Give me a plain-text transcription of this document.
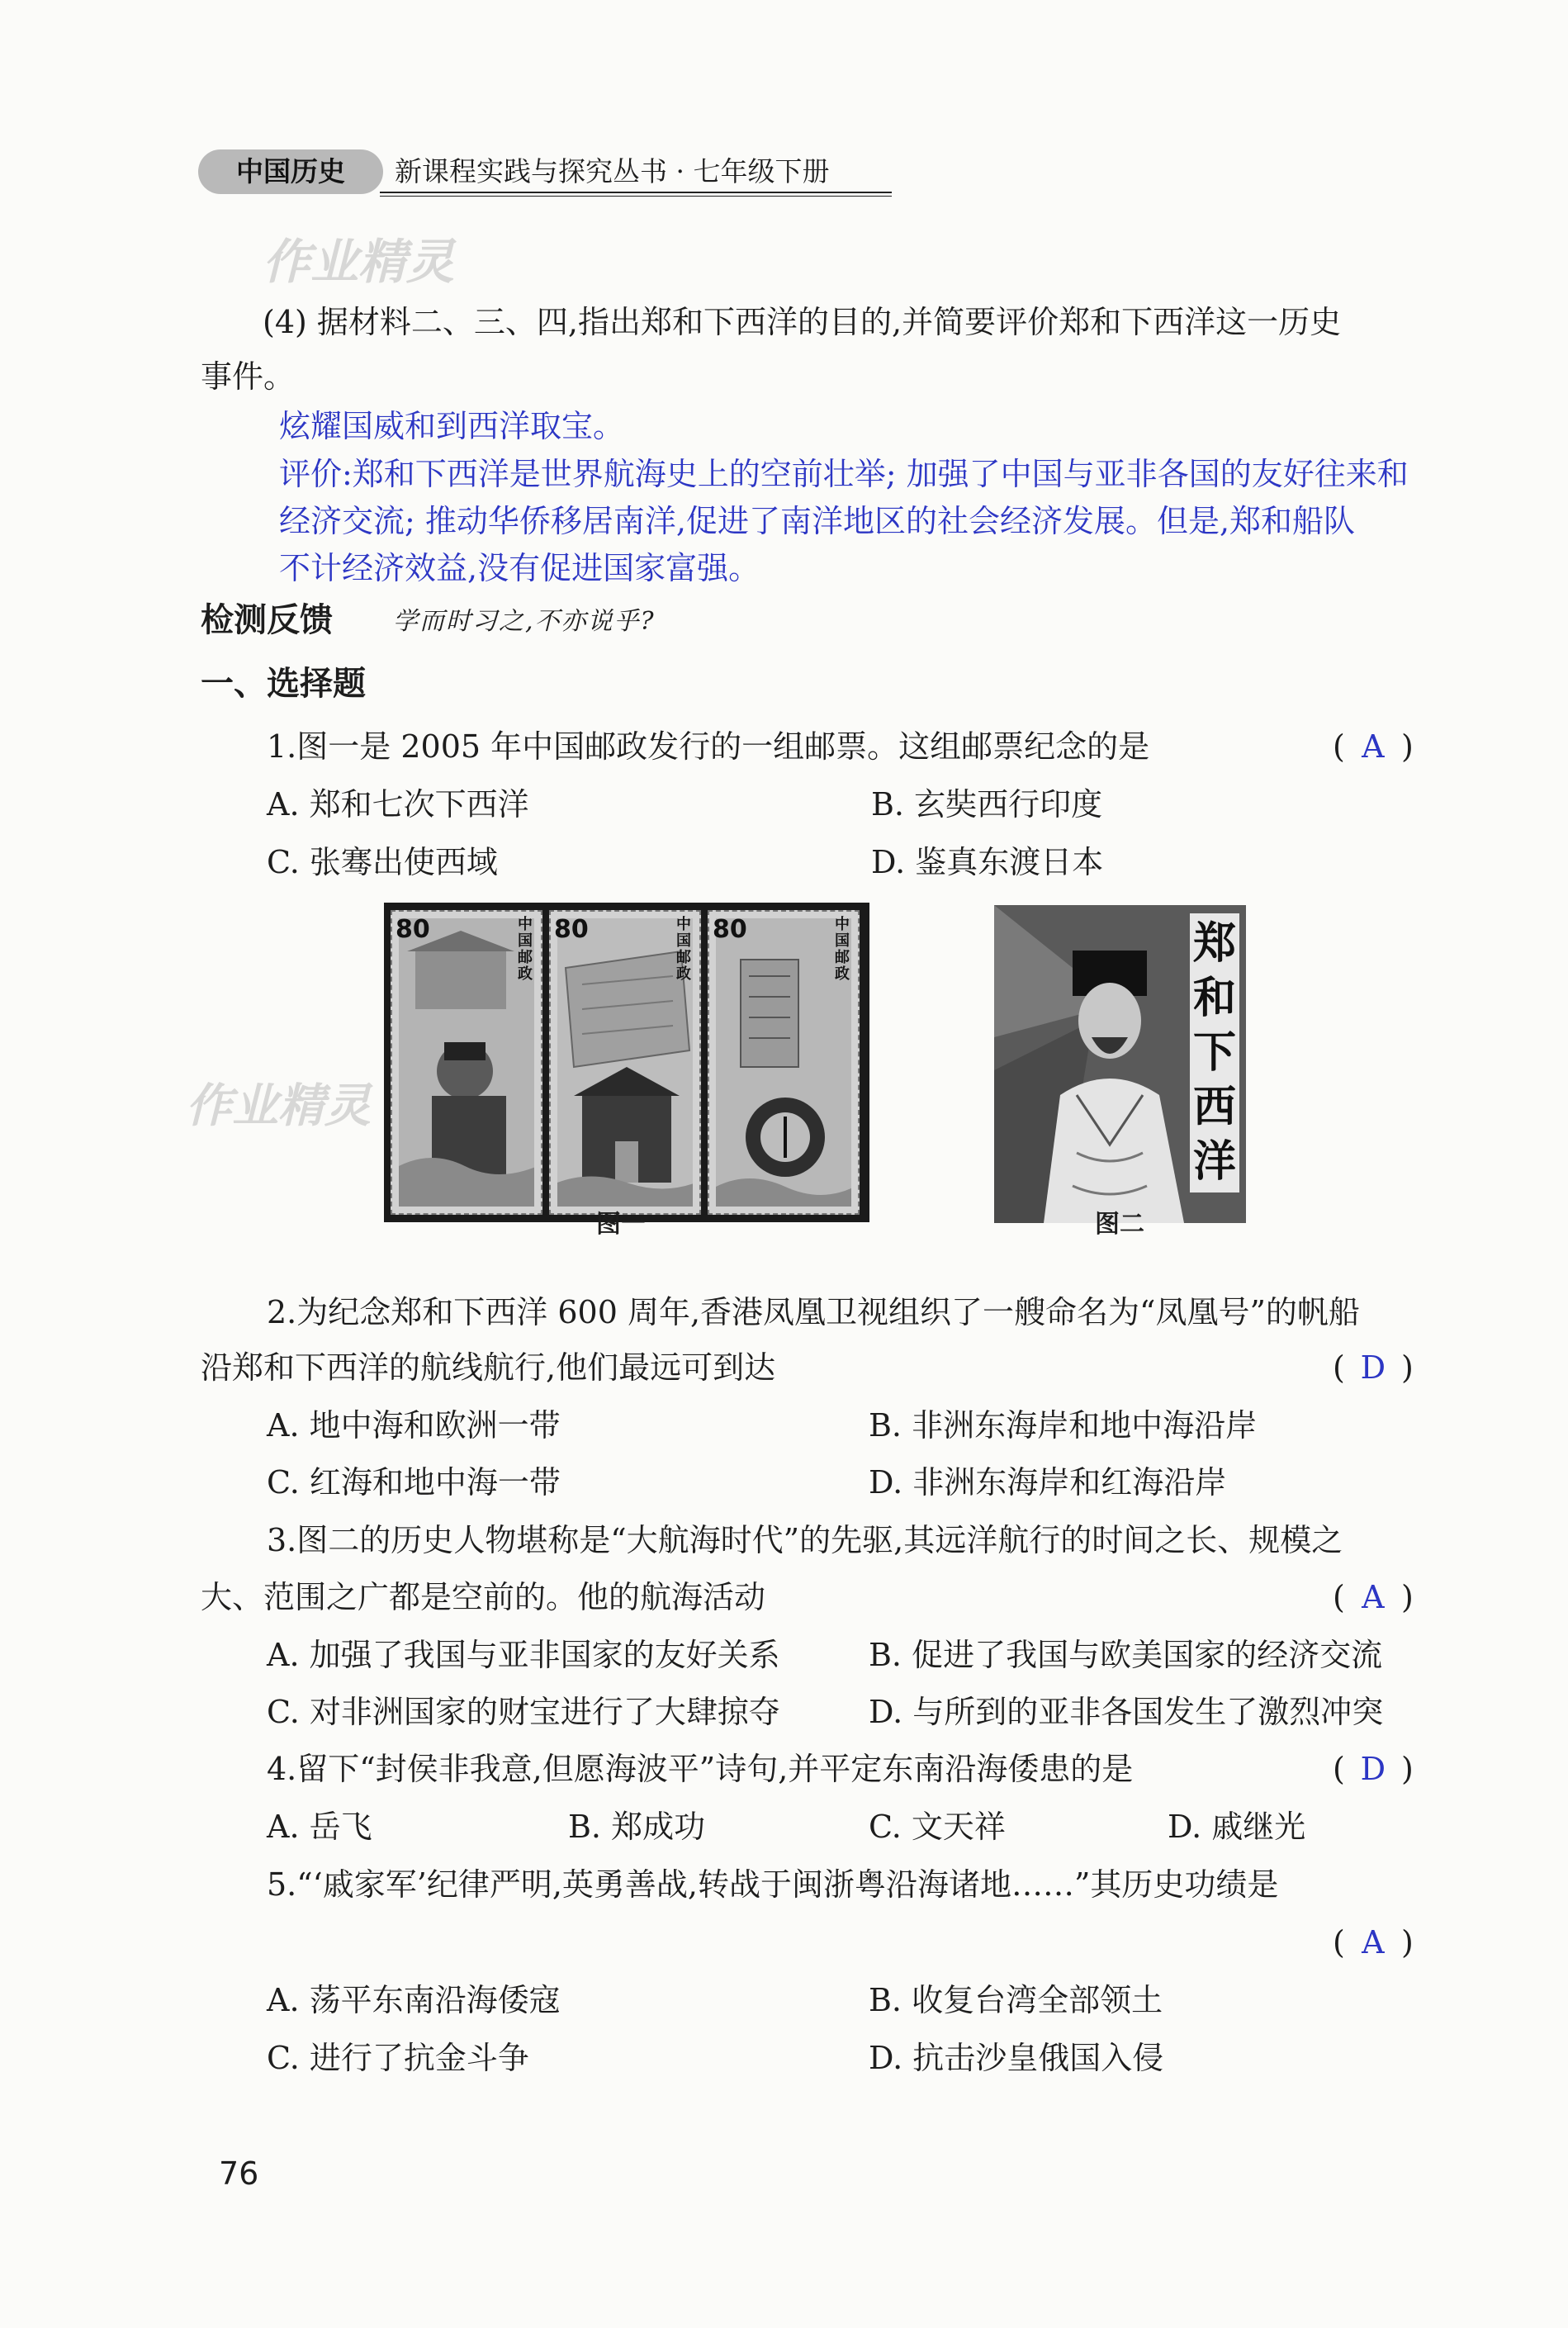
中国历史	新课程实践与探究丛书 · 七年级下册
作业精灵
(4) 据材料二、三、四,指出郑和下西洋的目的,并简要评价郑和下西洋这一历史
事件。
炫耀国威和到西洋取宝。
评价:郑和下西洋是世界航海史上的空前壮举; 加强了中国与亚非各国的友好往来和
经济交流; 推动华侨移居南洋,促进了南洋地区的社会经济发展。但是,郑和船队
不计经济效益,没有促进国家富强。
检测反馈 学而时习之,不亦说乎?
一、选择题
1.图一是 2005 年中国邮政发行的一组邮票。这组邮票纪念的是	( A )
A. 郑和七次下西洋	B. 玄奘西行印度
C. 张骞出使西域	D. 鉴真东渡日本
80	中国邮政
80	中国邮政
80	中国邮政
作业精灵
郑和下西洋
图一	图二
2.为纪念郑和下西洋 600 周年,香港凤凰卫视组织了一艘命名为“凤凰号”的帆船
沿郑和下西洋的航线航行,他们最远可到达	( D )
A. 地中海和欧洲一带	B. 非洲东海岸和地中海沿岸
C. 红海和地中海一带	D. 非洲东海岸和红海沿岸
3.图二的历史人物堪称是“大航海时代”的先驱,其远洋航行的时间之长、规模之
大、范围之广都是空前的。他的航海活动	( A )
A. 加强了我国与亚非国家的友好关系	B. 促进了我国与欧美国家的经济交流
C. 对非洲国家的财宝进行了大肆掠夺	D. 与所到的亚非各国发生了激烈冲突
4.留下“封侯非我意,但愿海波平”诗句,并平定东南沿海倭患的是	( D )
A. 岳飞	B. 郑成功	C. 文天祥	D. 戚继光
5.“‘戚家军’纪律严明,英勇善战,转战于闽浙粤沿海诸地……”其历史功绩是
( A )
A. 荡平东南沿海倭寇	B. 收复台湾全部领土
C. 进行了抗金斗争	D. 抗击沙皇俄国入侵
76
